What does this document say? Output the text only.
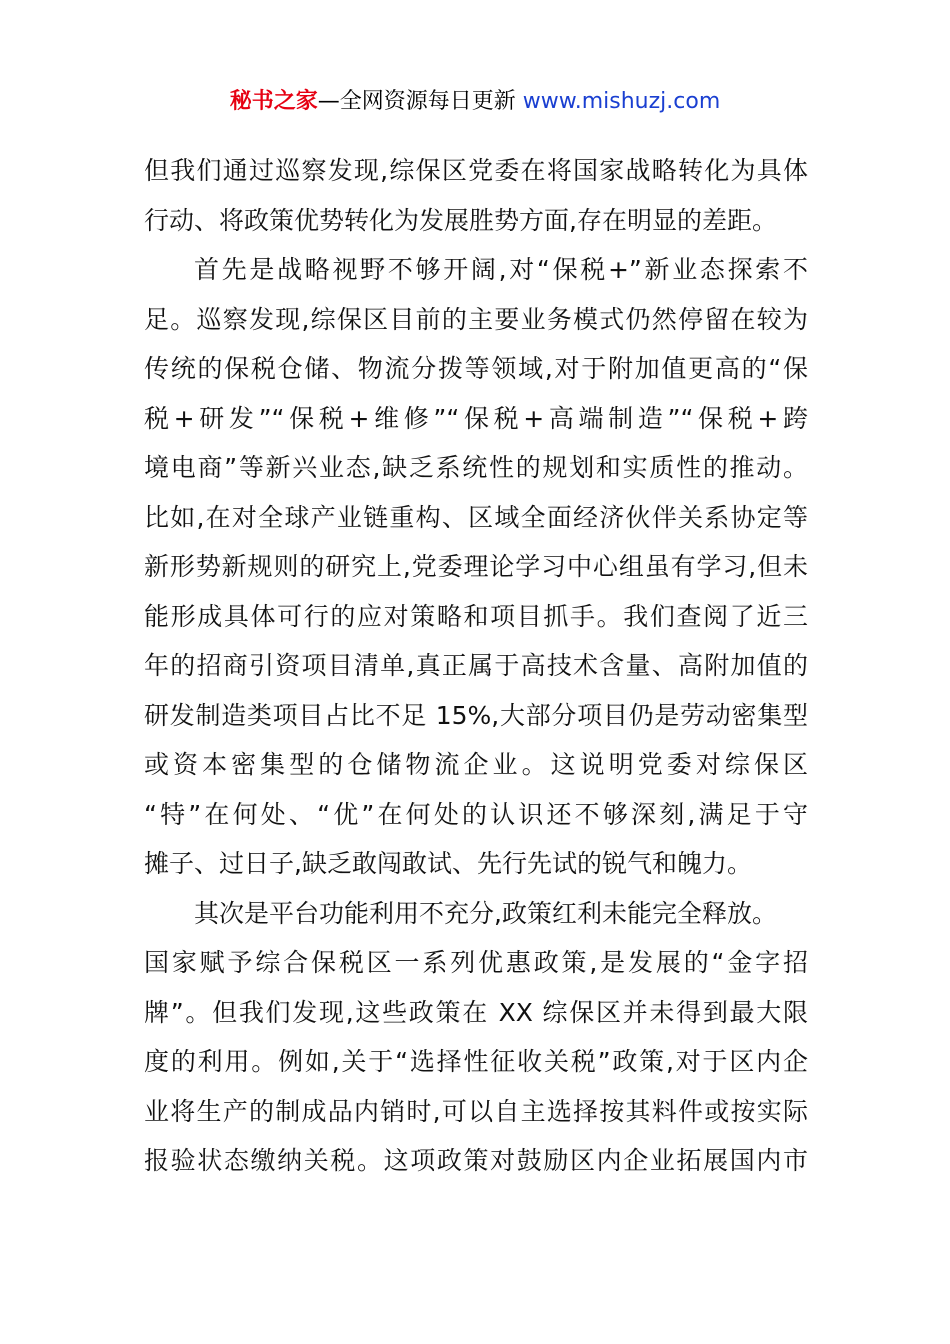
秘书之家—全网资源每日更新 www.mishuzj.com
但我们通过巡察发现,综保区党委在将国家战略转化为具体
行动、将政策优势转化为发展胜势方面,存在明显的差距。
首先是战略视野不够开阔,对“保税+”新业态探索不
足。巡察发现,综保区目前的主要业务模式仍然停留在较为
传统的保税仓储、物流分拨等领域,对于附加值更高的“保
税+研发”“保税+维修”“保税+高端制造”“保税+跨
境电商”等新兴业态,缺乏系统性的规划和实质性的推动。
比如,在对全球产业链重构、区域全面经济伙伴关系协定等
新形势新规则的研究上,党委理论学习中心组虽有学习,但未
能形成具体可行的应对策略和项目抓手。我们查阅了近三
年的招商引资项目清单,真正属于高技术含量、高附加值的
研发制造类项目占比不足 15%,大部分项目仍是劳动密集型
或资本密集型的仓储物流企业。这说明党委对综保区
“特”在何处、“优”在何处的认识还不够深刻,满足于守
摊子、过日子,缺乏敢闯敢试、先行先试的锐气和魄力。
其次是平台功能利用不充分,政策红利未能完全释放。
国家赋予综合保税区一系列优惠政策,是发展的“金字招
牌”。但我们发现,这些政策在 XX 综保区并未得到最大限
度的利用。例如,关于“选择性征收关税”政策,对于区内企
业将生产的制成品内销时,可以自主选择按其料件或按实际
报验状态缴纳关税。这项政策对鼓励区内企业拓展国内市
